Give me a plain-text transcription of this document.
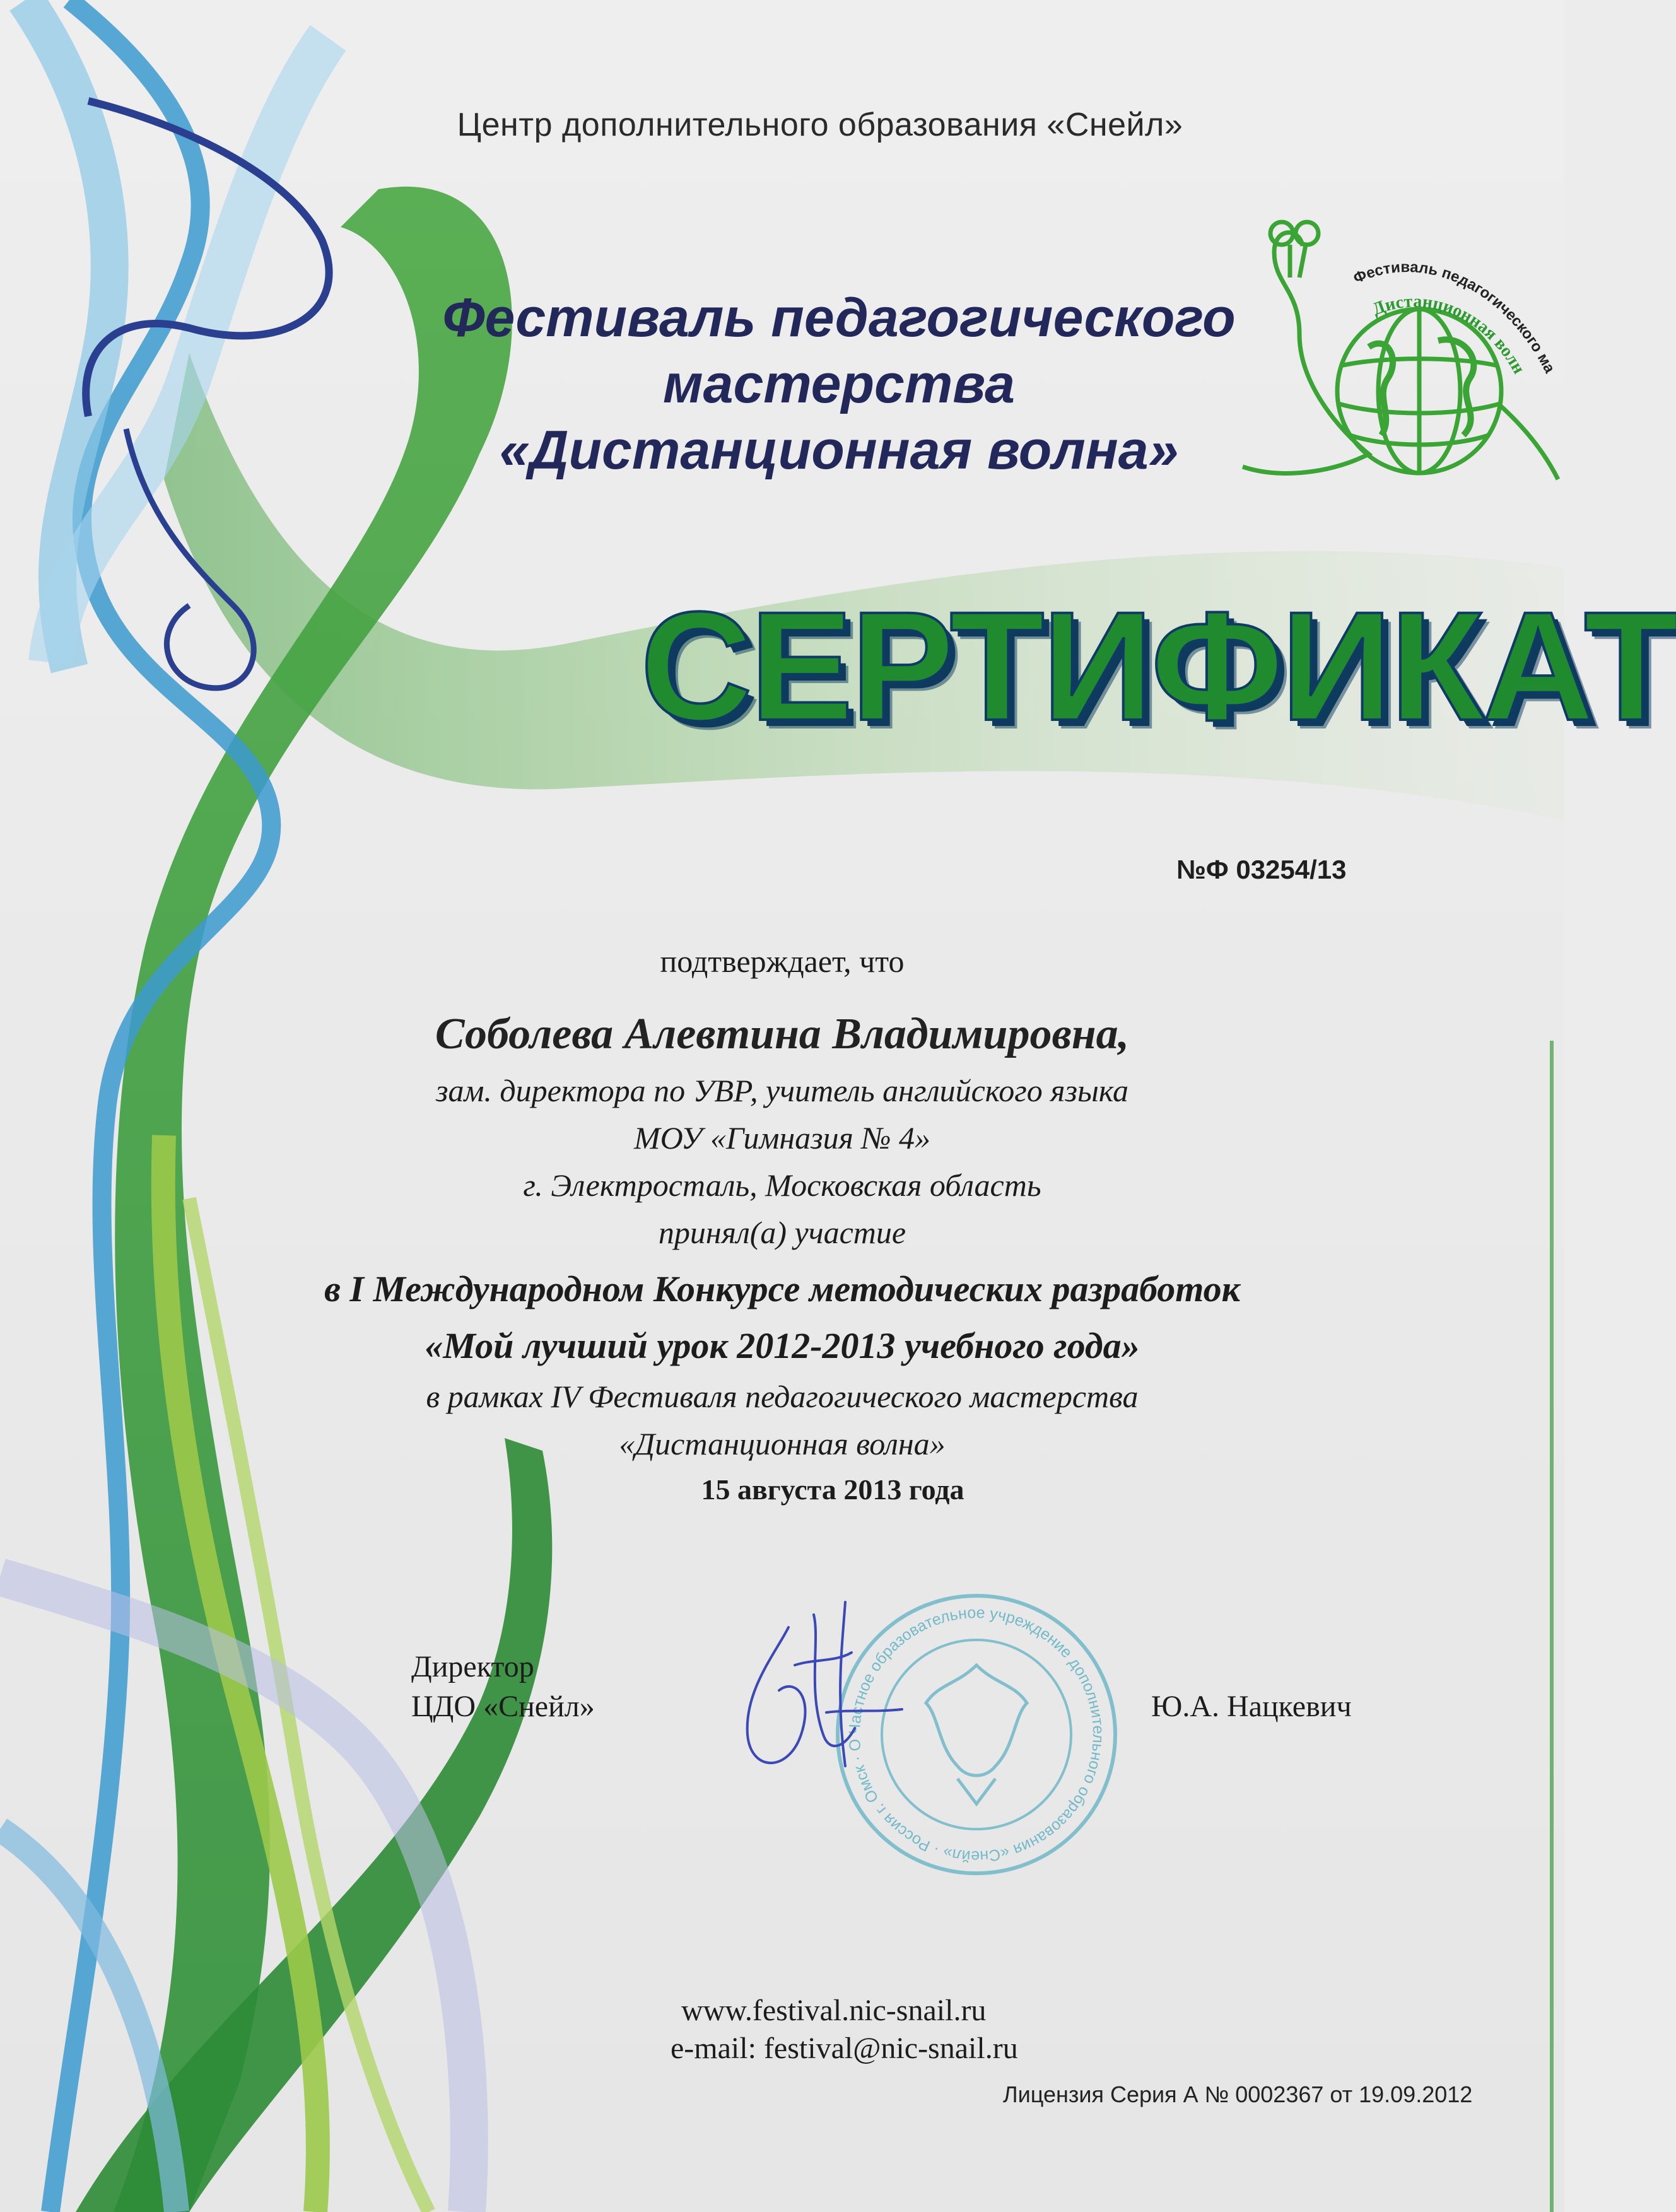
Центр дополнительного образования «Снейл»

Фестиваль педагогического

мастерства

«Дистанционная волна»

Фестиваль педагогического ма
Дистанционная волн

СЕРТИФИКАТ

№Ф 03254/13

подтверждает, что

Соболева Алевтина Владимировна,

зам. директора по УВР, учитель английского языка

МОУ «Гимназия № 4»

г. Электросталь, Московская область

принял(а) участие

в I Международном Конкурсе методических разработок

«Мой лучший урок 2012-2013 учебного года»

в рамках IV Фестиваля педагогического мастерства

«Дистанционная волна»

15 августа 2013 года

Директор

ЦДО «Снейл»	Ю.А. Нацкевич

Частное образовательное учреждение дополнительного образования «Снейл» · Россия г. Омск · О

www.festival.nic-snail.ru

e-mail: festival@nic-snail.ru

Лицензия Серия А № 0002367 от 19.09.2012
